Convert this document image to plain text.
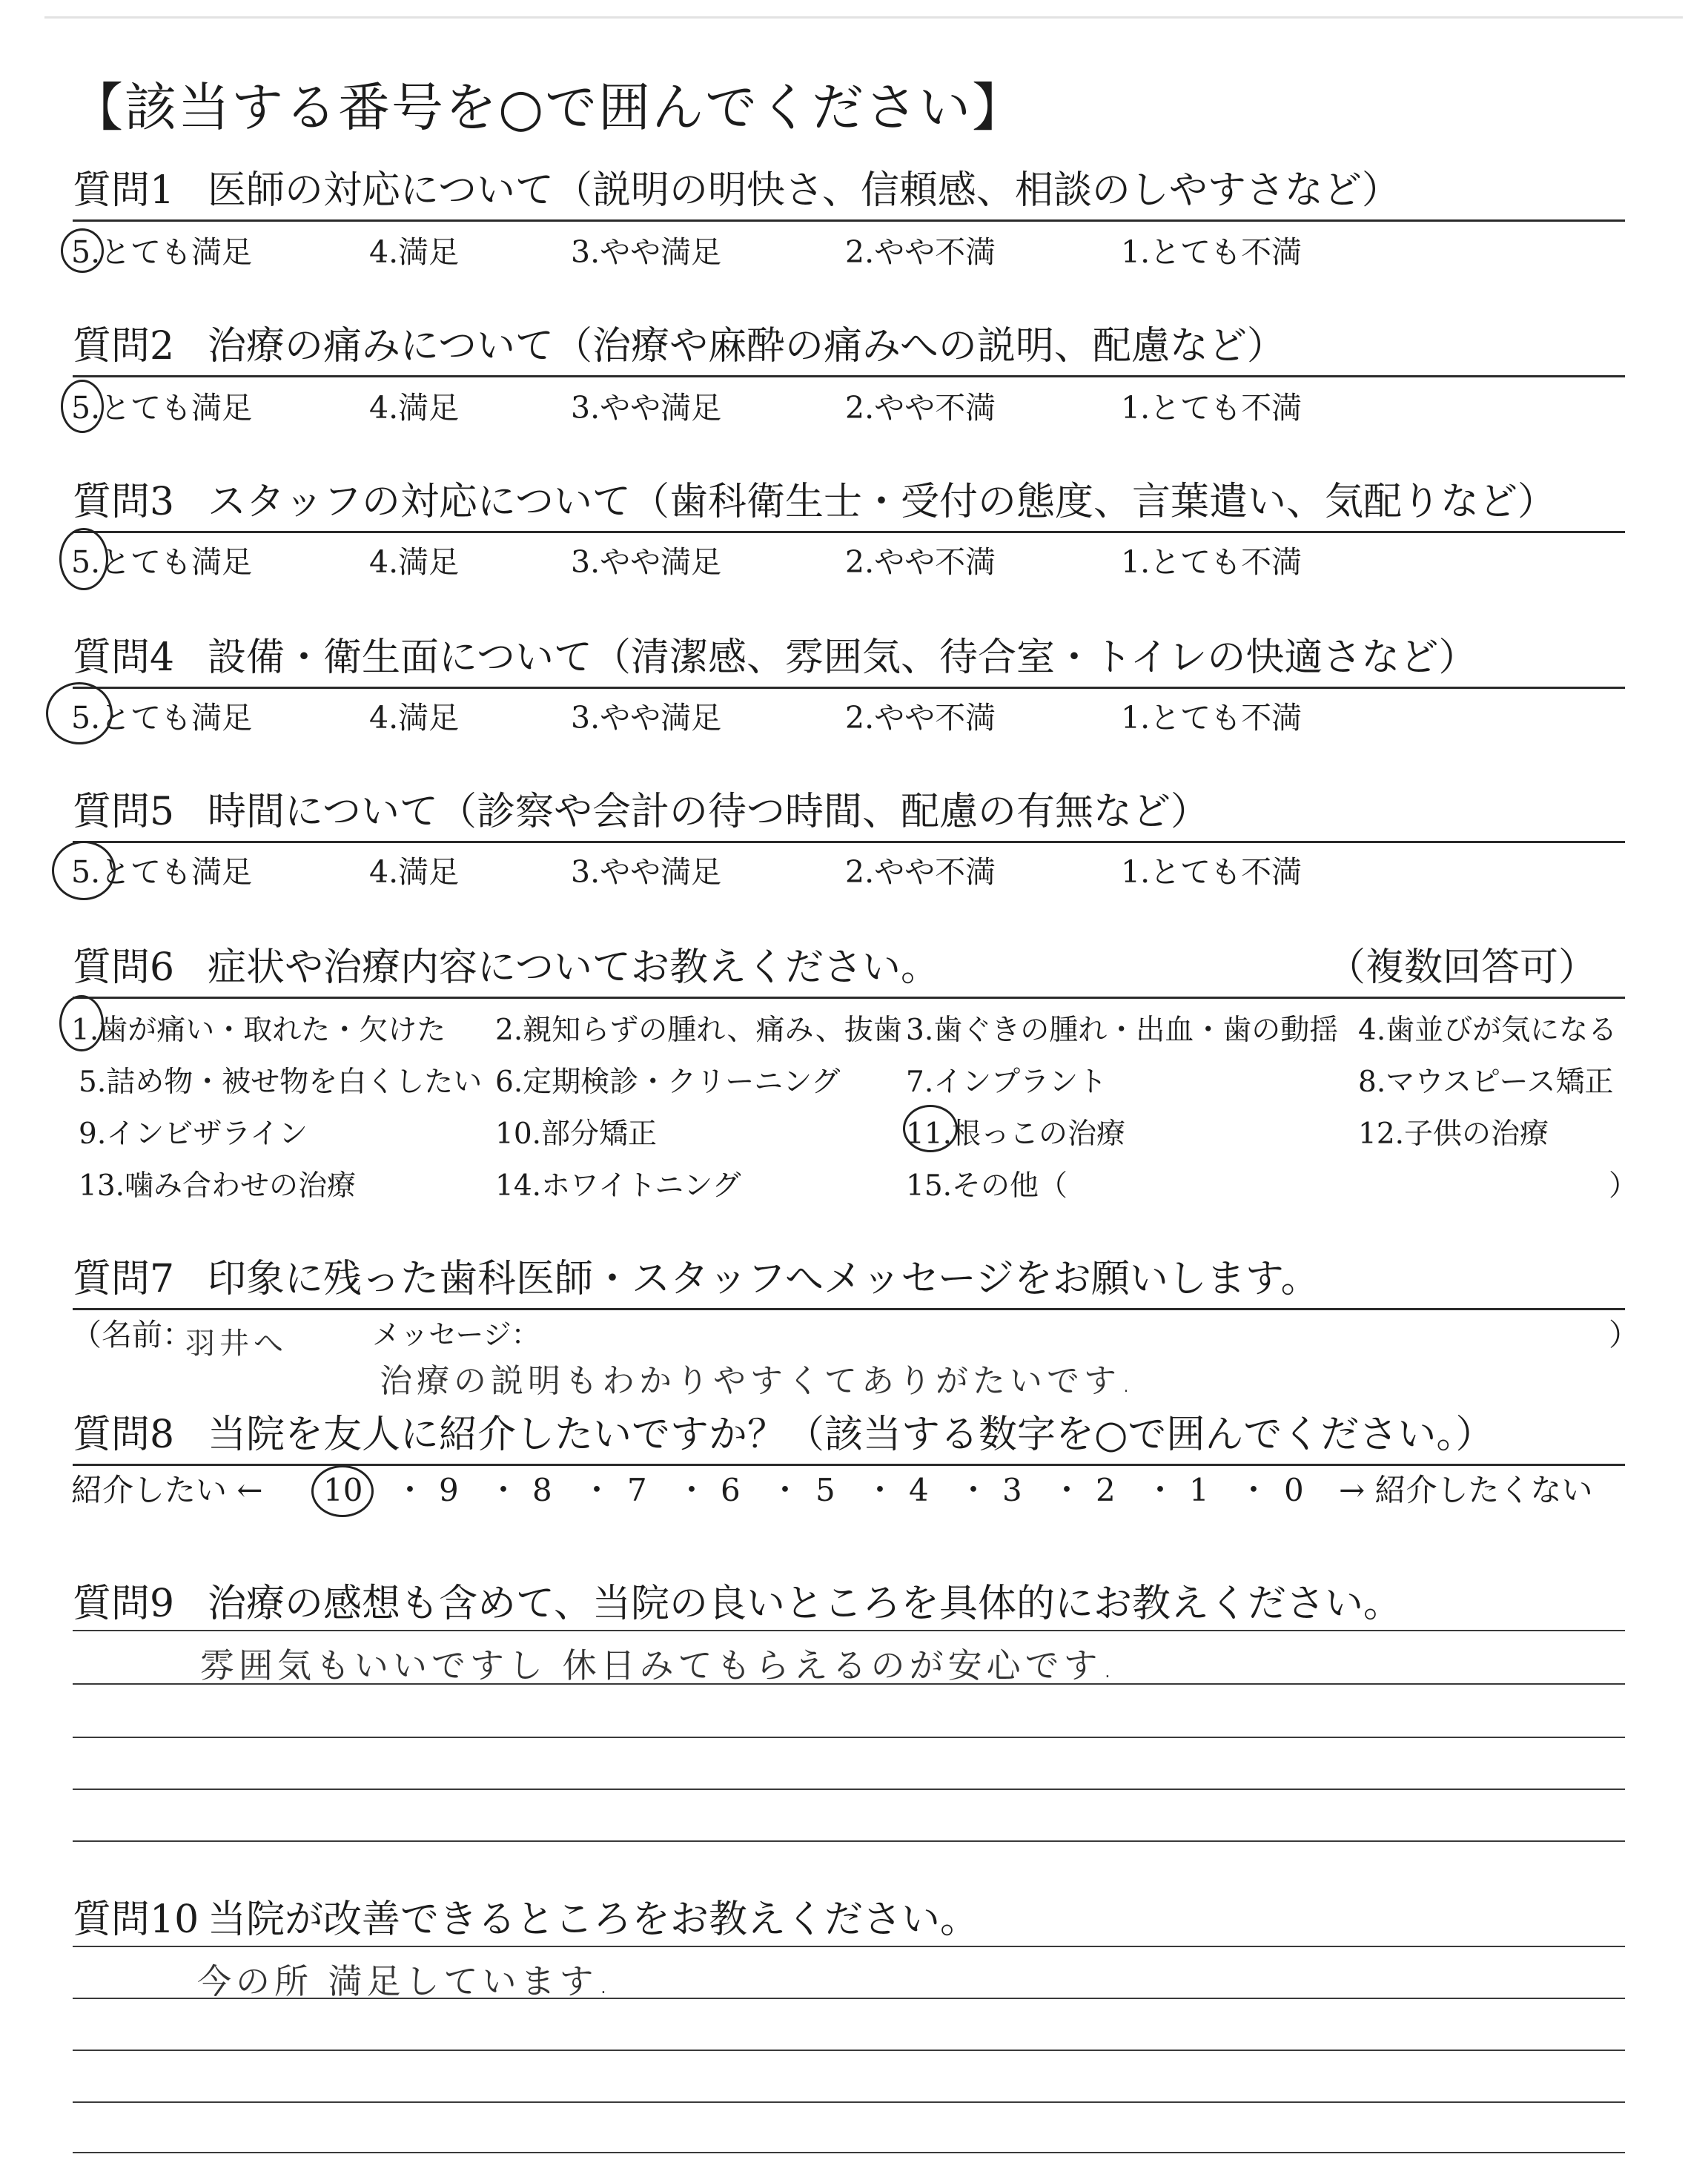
【該当する番号を○で囲んでください】
質問1 医師の対応について（説明の明快さ、信頼感、相談のしやすさなど）
5.とても満足	4.満足	3.やや満足	2.やや不満	1.とても不満
質問2 治療の痛みについて（治療や麻酔の痛みへの説明、配慮など）
5.とても満足	4.満足	3.やや満足	2.やや不満	1.とても不満
質問3 スタッフの対応について（歯科衛生士・受付の態度、言葉遣い、気配りなど）
5.とても満足	4.満足	3.やや満足	2.やや不満	1.とても不満
質問4 設備・衛生面について（清潔感、雰囲気、待合室・トイレの快適さなど）
5.とても満足	4.満足	3.やや満足	2.やや不満	1.とても不満
質問5 時間について（診察や会計の待つ時間、配慮の有無など）
5.とても満足	4.満足	3.やや満足	2.やや不満	1.とても不満
質問6 症状や治療内容についてお教えください。	（複数回答可）
1.歯が痛い・取れた・欠けた 2.親知らずの腫れ、痛み、抜歯 3.歯ぐきの腫れ・出血・歯の動揺 4.歯並びが気になる
5.詰め物・被せ物を白くしたい 6.定期検診・クリーニング 7.インプラント	8.マウスピース矯正
9.インビザライン	10.部分矯正	11.根っこの治療	12.子供の治療
13.噛み合わせの治療	14.ホワイトニング	15.その他（	）
質問7 印象に残った歯科医師・スタッフへメッセージをお願いします。
（名前：
羽井へ	メッセージ：	）
治療の説明もわかりやすくてありがたいです.
質問8 当院を友人に紹介したいですか？（該当する数字を○で囲んでください。）
紹介したい ← 10 ・ 9 ・ 8 ・ 7 ・ 6 ・ 5 ・ 4 ・ 3 ・ 2 ・ 1 ・ 0 → 紹介したくない
質問9 治療の感想も含めて、当院の良いところを具体的にお教えください。
雰囲気もいいですし 休日みてもらえるのが安心です.
質問10 当院が改善できるところをお教えください。
今の所 満足しています.
